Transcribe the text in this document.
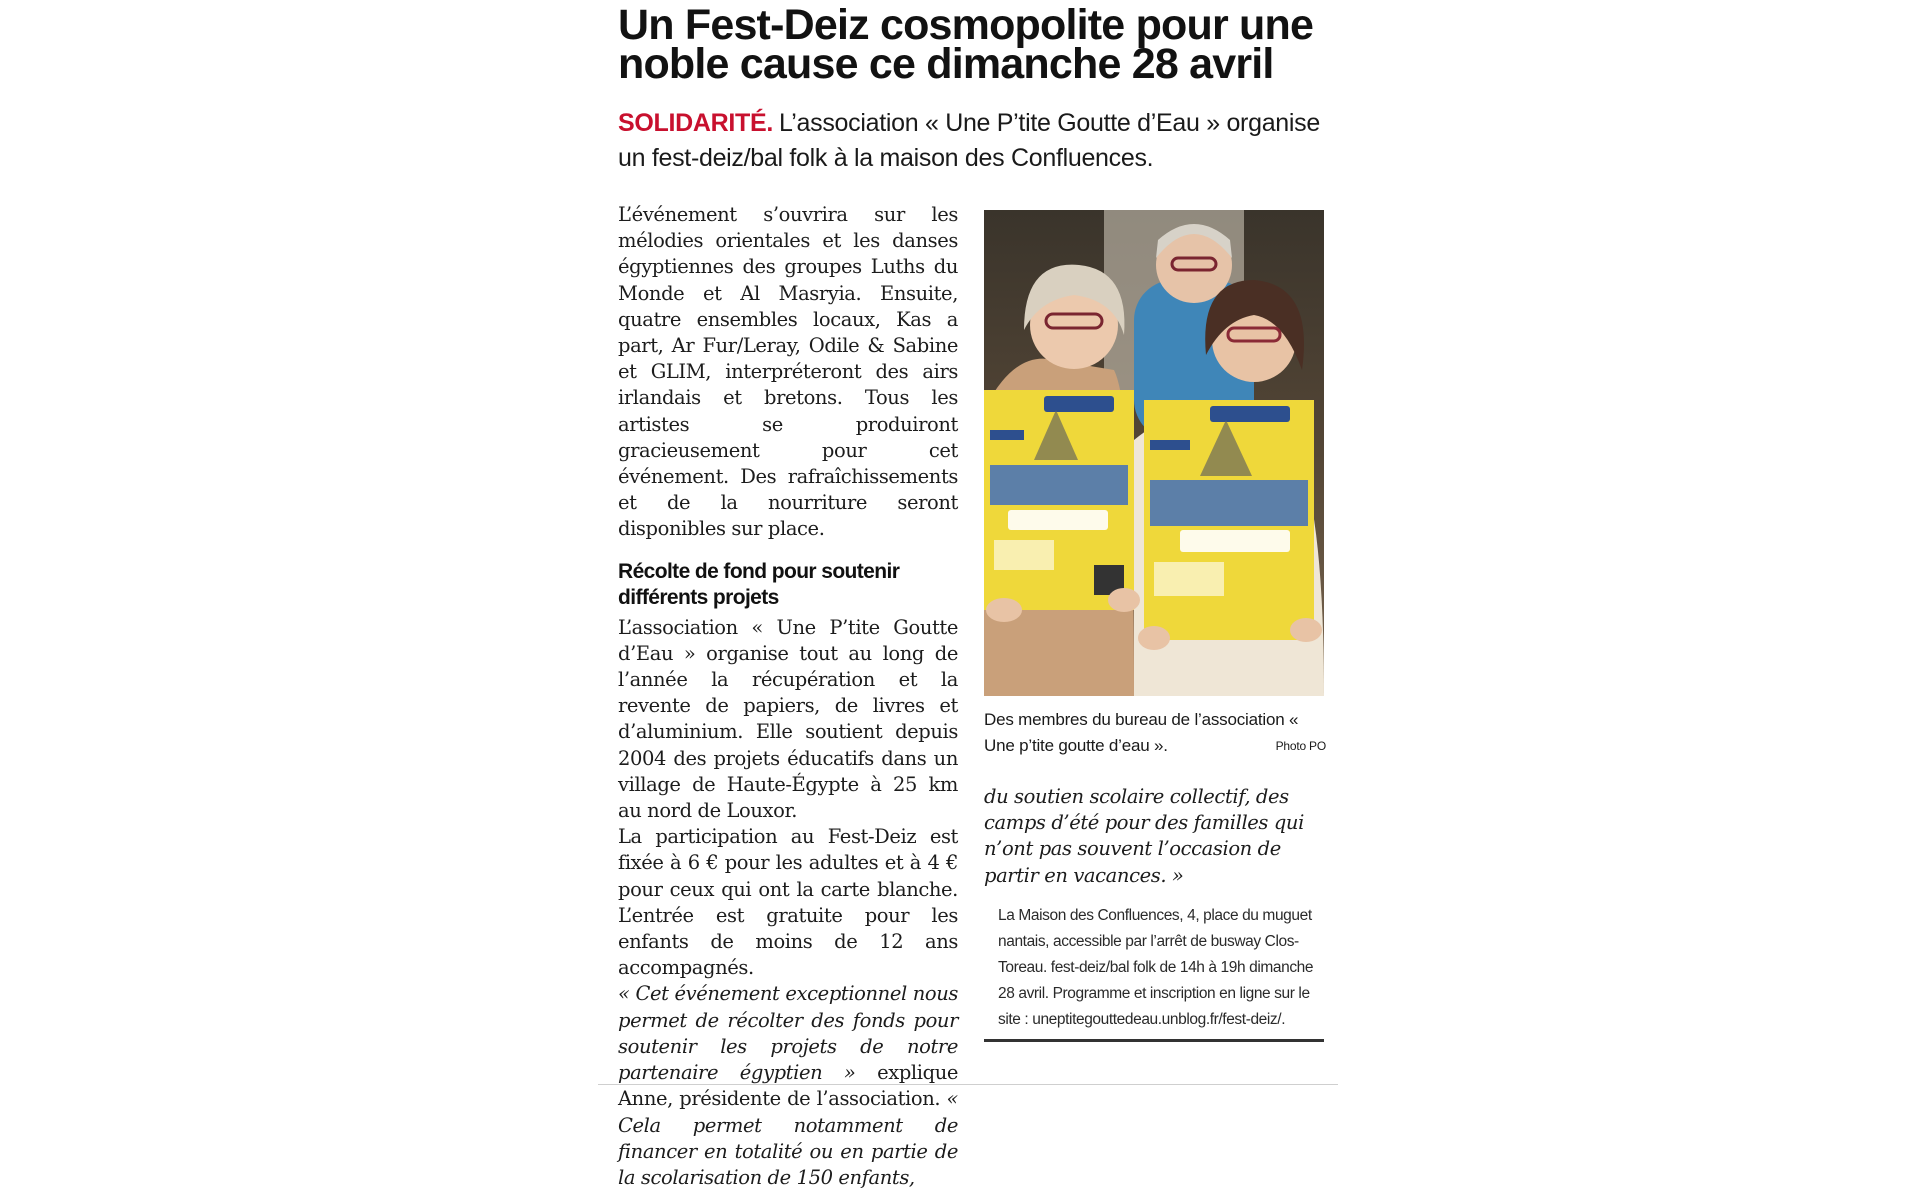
Un Fest-Deiz cosmopolite pour une noble cause ce dimanche 28 avril

SOLIDARITÉ. L’association « Une P’tite Goutte d’Eau » organise un fest-deiz/bal folk à la maison des Confluences.

L’événement s’ouvrira sur les mélodies orientales et les danses égyptiennes des groupes Luths du Monde et Al Masryia. Ensuite, quatre ensembles locaux, Kas a part, Ar Fur/Leray, Odile & Sabine et GLIM, interpréteront des airs irlandais et bretons. Tous les artistes se produiront gracieusement pour cet événement. Des rafraîchissements et de la nourriture seront disponibles sur place.

Récolte de fond pour soutenir différents projets

L’association « Une P’tite Goutte d’Eau » organise tout au long de l’année la récupération et la revente de papiers, de livres et d’aluminium. Elle soutient depuis 2004 des projets éducatifs dans un village de Haute-Égypte à 25 km au nord de Louxor.

La participation au Fest-Deiz est fixée à 6 € pour les adultes et à 4 € pour ceux qui ont la carte blanche. L’entrée est gratuite pour les enfants de moins de 12 ans accompagnés.

« Cet événement exceptionnel nous permet de récolter des fonds pour soutenir les projets de notre partenaire égyptien » explique Anne, présidente de l’association. « Cela permet notamment de financer en totalité ou en partie de la scolarisation de 150 enfants,

Des membres du bureau de l’association « Une p’tite goutte d’eau ».	Photo PO

du soutien scolaire collectif, des camps d’été pour des familles qui n’ont pas souvent l’occasion de partir en vacances. »

La Maison des Confluences, 4, place du muguet nantais, accessible par l’arrêt de busway Clos-Toreau. fest-deiz/bal folk de 14h à 19h dimanche 28 avril. Programme et inscription en ligne sur le site : uneptitegouttedeau.unblog.fr/fest-deiz/.
